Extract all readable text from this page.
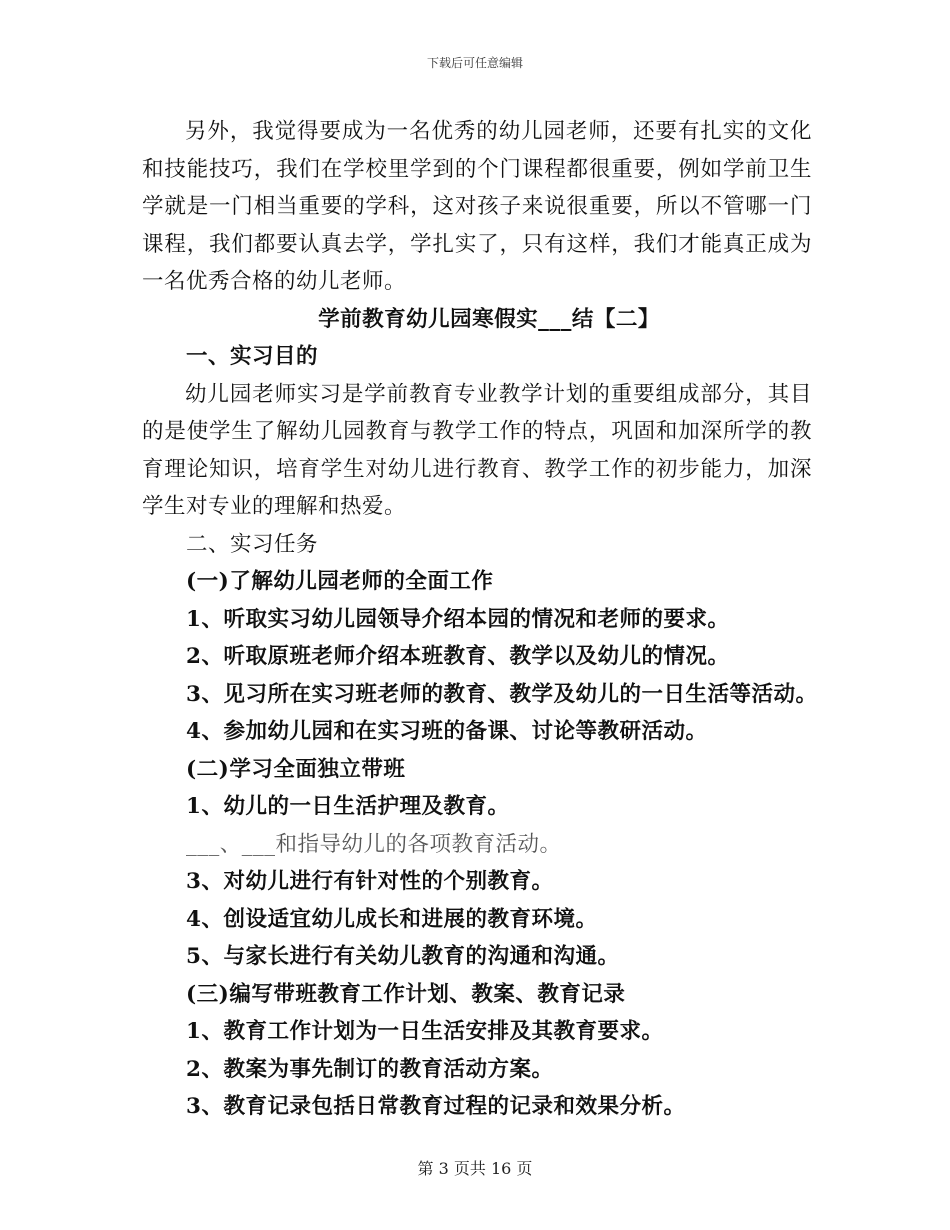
下载后可任意编辑

另外，我觉得要成为一名优秀的幼儿园老师，还要有扎实的文化和技能技巧，我们在学校里学到的个门课程都很重要，例如学前卫生学就是一门相当重要的学科，这对孩子来说很重要，所以不管哪一门课程，我们都要认真去学，学扎实了，只有这样，我们才能真正成为一名优秀合格的幼儿老师。

学前教育幼儿园寒假实___结【二】

一、实习目的

幼儿园老师实习是学前教育专业教学计划的重要组成部分，其目的是使学生了解幼儿园教育与教学工作的特点，巩固和加深所学的教育理论知识，培育学生对幼儿进行教育、教学工作的初步能力，加深学生对专业的理解和热爱。

二、实习任务

(一)了解幼儿园老师的全面工作

1、听取实习幼儿园领导介绍本园的情况和老师的要求。

2、听取原班老师介绍本班教育、教学以及幼儿的情况。

3、见习所在实习班老师的教育、教学及幼儿的一日生活等活动。

4、参加幼儿园和在实习班的备课、讨论等教研活动。

(二)学习全面独立带班

1、幼儿的一日生活护理及教育。

___、___和指导幼儿的各项教育活动。

3、对幼儿进行有针对性的个别教育。

4、创设适宜幼儿成长和进展的教育环境。

5、与家长进行有关幼儿教育的沟通和沟通。

(三)编写带班教育工作计划、教案、教育记录

1、教育工作计划为一日生活安排及其教育要求。

2、教案为事先制订的教育活动方案。

3、教育记录包括日常教育过程的记录和效果分析。

第 3 页共 16 页
